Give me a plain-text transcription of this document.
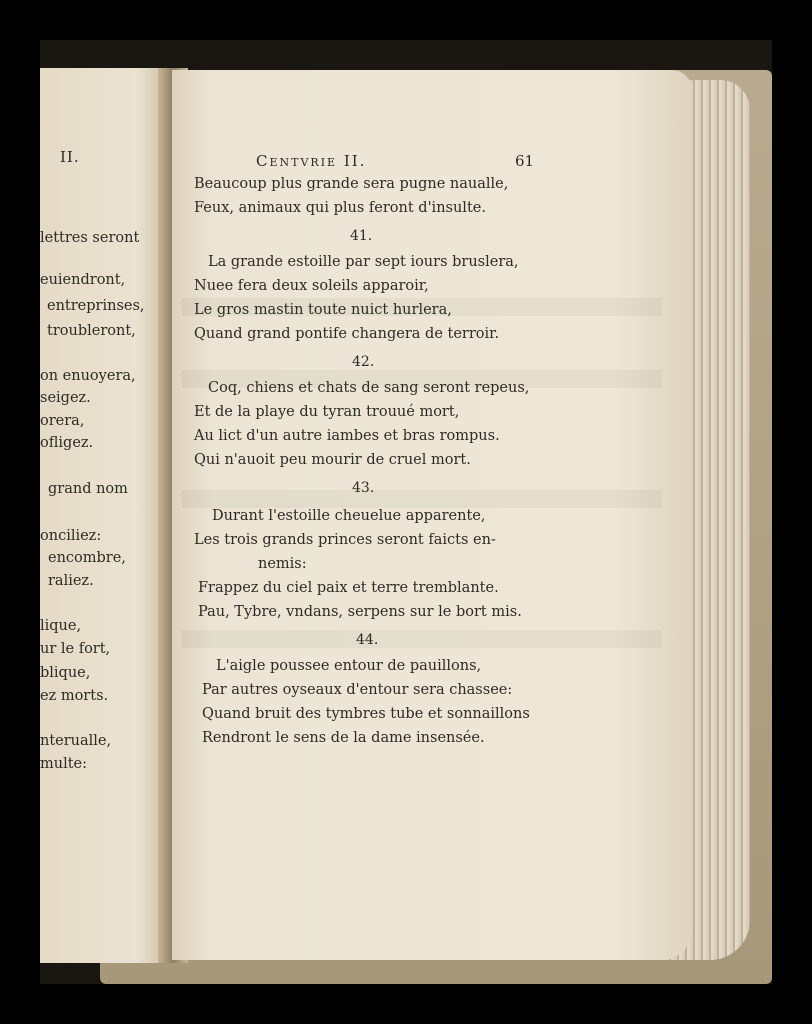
II.
lettres seront
euiendront,
entreprinses,
troubleront,
on enuoyera,
seigez.
orera,
ofligez.
grand nom
onciliez:
encombre,
raliez.
lique,
ur le fort,
blique,
ez morts.
nterualle,
multe:
Centvrie II.	61
Beaucoup plus grande sera pugne naualle,
Feux, animaux qui plus feront d'insulte.
41.
La grande estoille par sept iours bruslera,
Nuee fera deux soleils apparoir,
Le gros mastin toute nuict hurlera,
Quand grand pontife changera de terroir.
42.
Coq, chiens et chats de sang seront repeus,
Et de la playe du tyran trouué mort,
Au lict d'un autre iambes et bras rompus.
Qui n'auoit peu mourir de cruel mort.
43.
Durant l'estoille cheuelue apparente,
Les trois grands princes seront faicts en-
nemis:
Frappez du ciel paix et terre tremblante.
Pau, Tybre, vndans, serpens sur le bort mis.
44.
L'aigle poussee entour de pauillons,
Par autres oyseaux d'entour sera chassee:
Quand bruit des tymbres tube et sonnaillons
Rendront le sens de la dame insensée.
